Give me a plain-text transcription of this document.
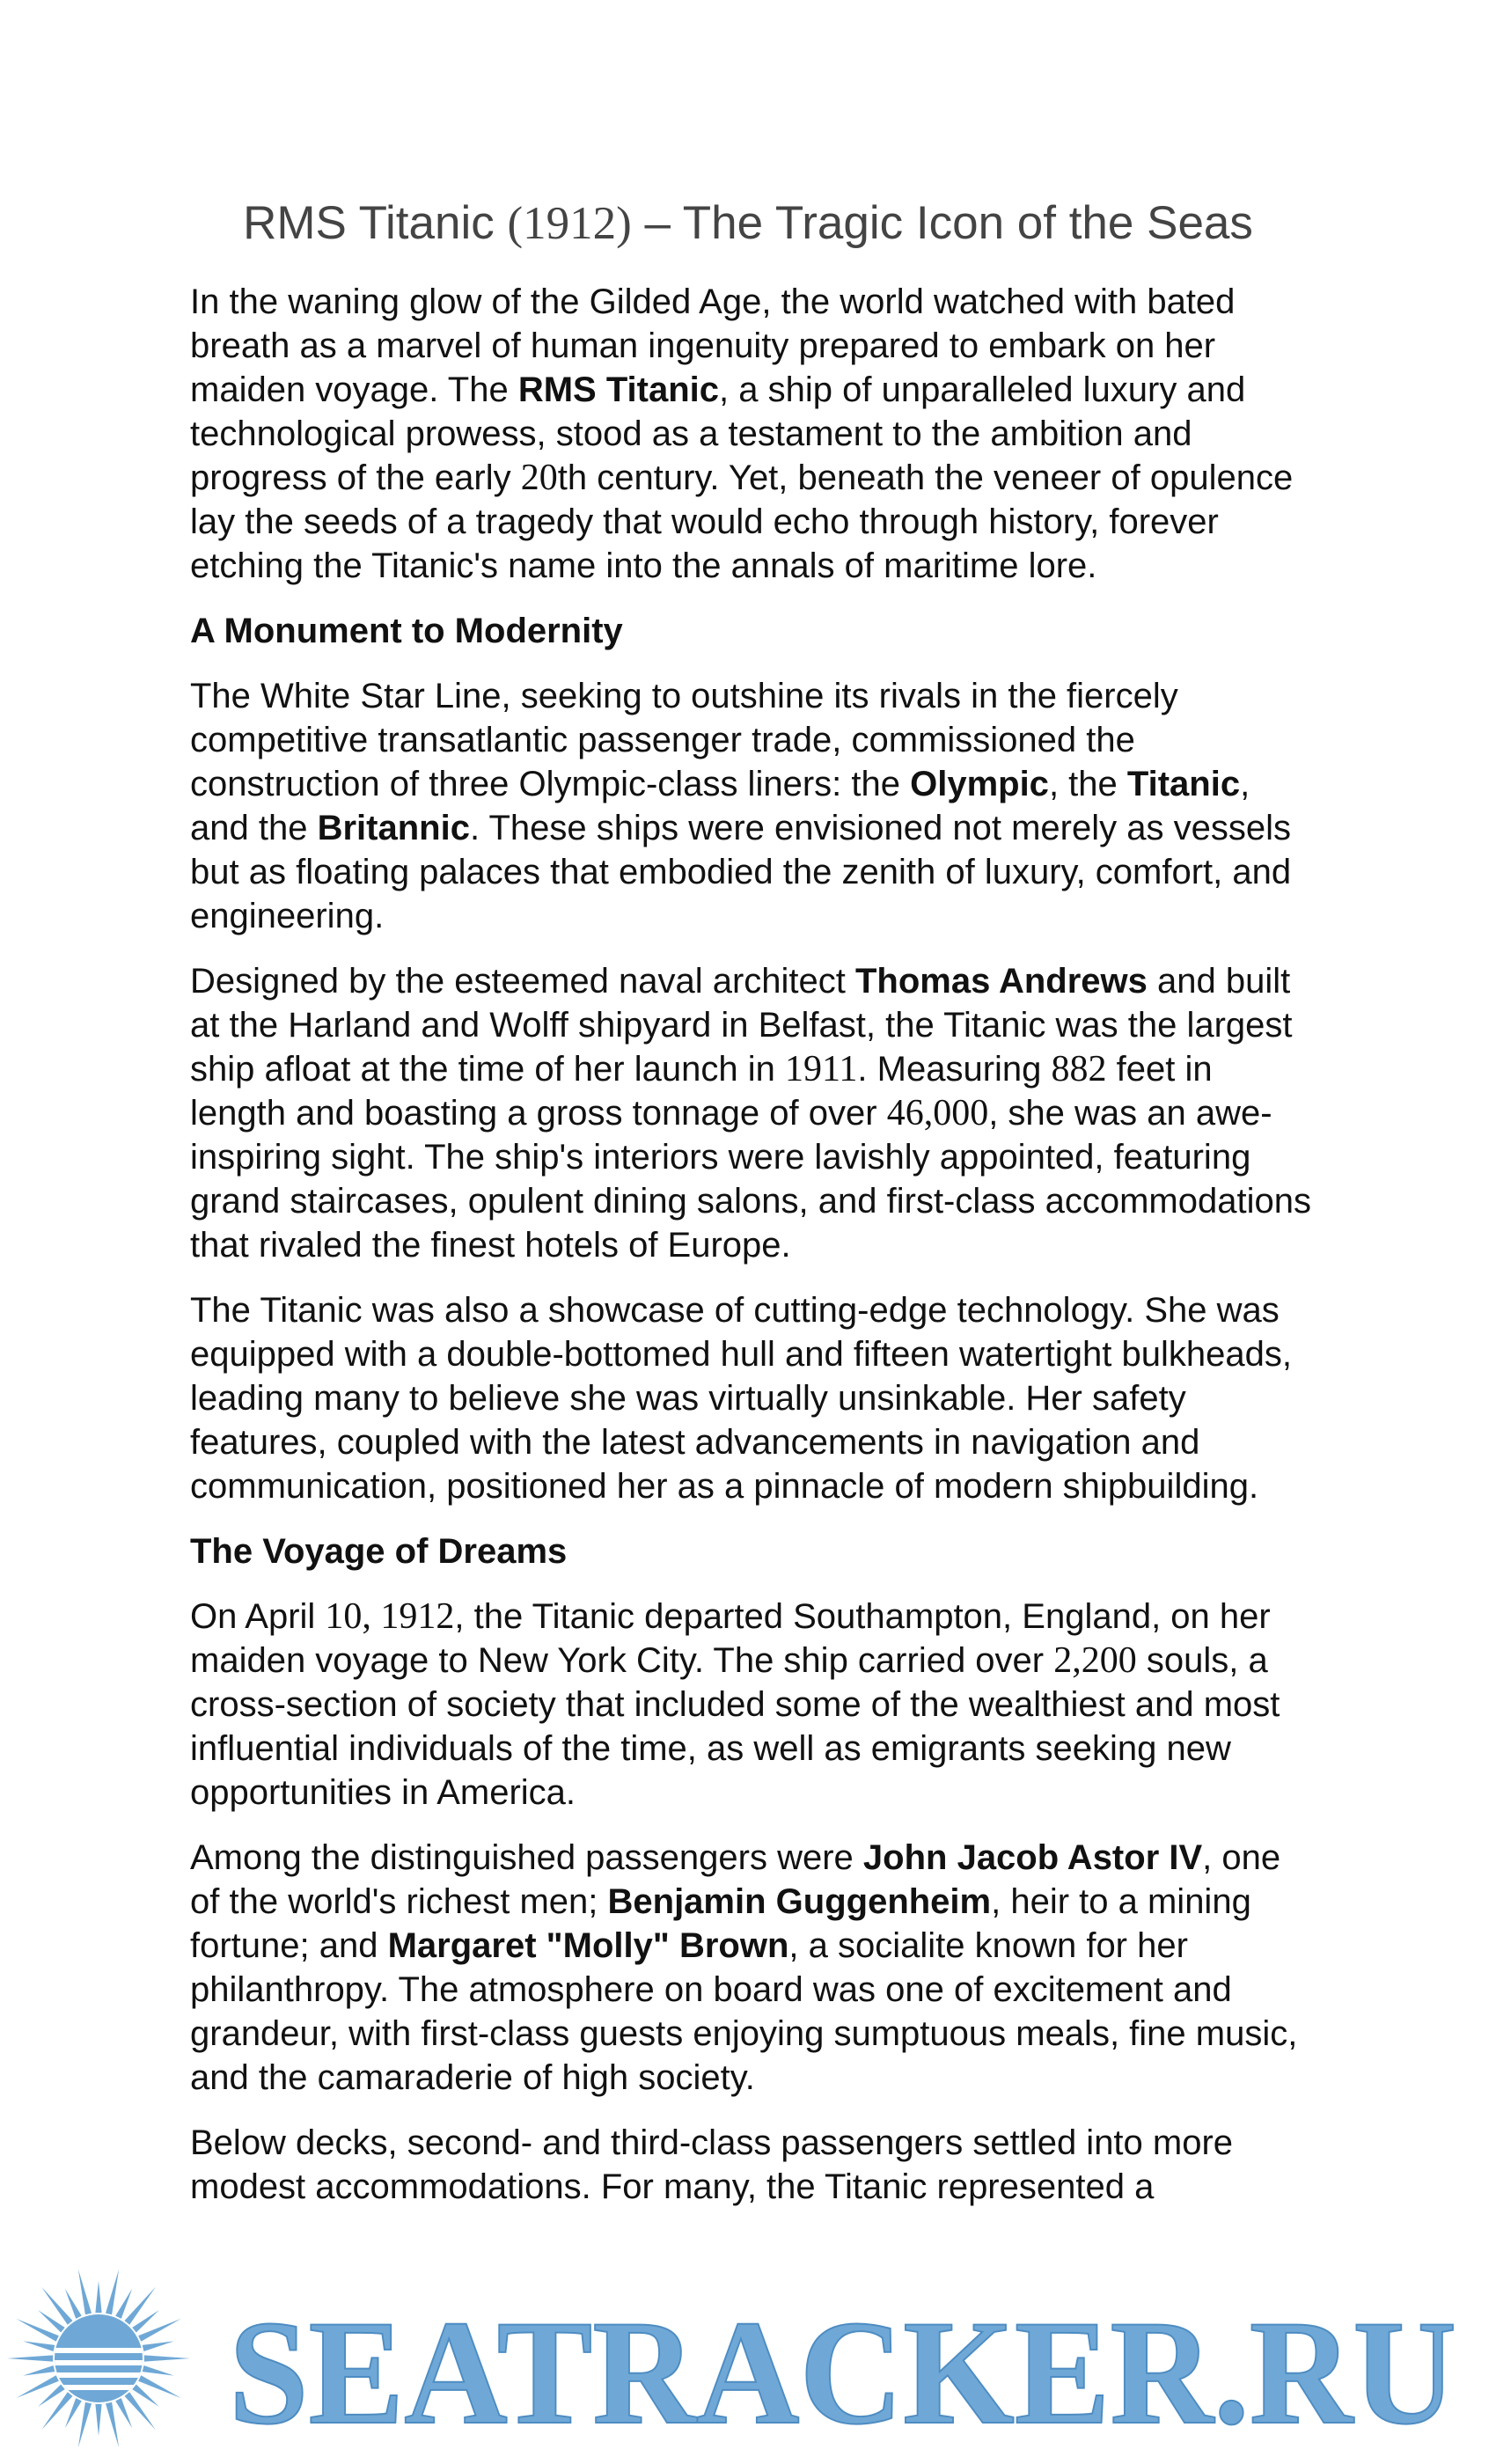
RMS Titanic (1912) – The Tragic Icon of the Seas

In the waning glow of the Gilded Age, the world watched with bated breath as a marvel of human ingenuity prepared to embark on her maiden voyage. The RMS Titanic, a ship of unparalleled luxury and technological prowess, stood as a testament to the ambition and progress of the early 20th century. Yet, beneath the veneer of opulence lay the seeds of a tragedy that would echo through history, forever etching the Titanic's name into the annals of maritime lore.

A Monument to Modernity

The White Star Line, seeking to outshine its rivals in the fiercely competitive transatlantic passenger trade, commissioned the construction of three Olympic-class liners: the Olympic, the Titanic, and the Britannic. These ships were envisioned not merely as vessels but as floating palaces that embodied the zenith of luxury, comfort, and engineering.

Designed by the esteemed naval architect Thomas Andrews and built at the Harland and Wolff shipyard in Belfast, the Titanic was the largest ship afloat at the time of her launch in 1911. Measuring 882 feet in length and boasting a gross tonnage of over 46,000, she was an awe-inspiring sight. The ship's interiors were lavishly appointed, featuring grand staircases, opulent dining salons, and first-class accommodations that rivaled the finest hotels of Europe.

The Titanic was also a showcase of cutting-edge technology. She was equipped with a double-bottomed hull and fifteen watertight bulkheads, leading many to believe she was virtually unsinkable. Her safety features, coupled with the latest advancements in navigation and communication, positioned her as a pinnacle of modern shipbuilding.

The Voyage of Dreams

On April 10, 1912, the Titanic departed Southampton, England, on her maiden voyage to New York City. The ship carried over 2,200 souls, a cross-section of society that included some of the wealthiest and most influential individuals of the time, as well as emigrants seeking new opportunities in America.

Among the distinguished passengers were John Jacob Astor IV, one of the world's richest men; Benjamin Guggenheim, heir to a mining fortune; and Margaret "Molly" Brown, a socialite known for her philanthropy. The atmosphere on board was one of excitement and grandeur, with first-class guests enjoying sumptuous meals, fine music, and the camaraderie of high society.

Below decks, second- and third-class passengers settled into more modest accommodations. For many, the Titanic represented a

SEATRACKER.RU
